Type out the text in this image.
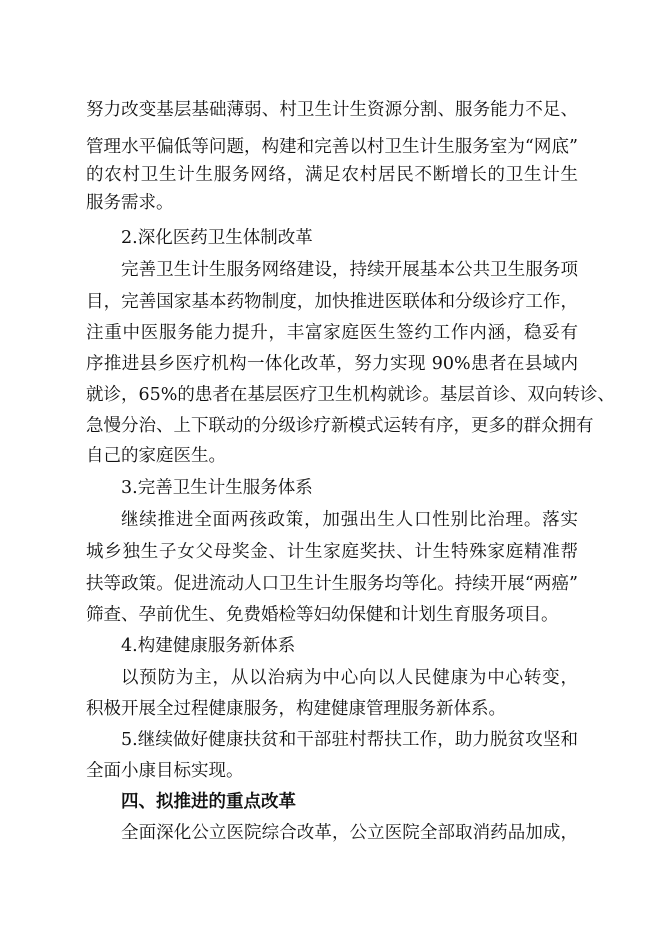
努力改变基层基础薄弱、村卫生计生资源分割、服务能力不足、
管理水平偏低等问题，构建和完善以村卫生计生服务室为“网底”
的农村卫生计生服务网络，满足农村居民不断增长的卫生计生
服务需求。
2.深化医药卫生体制改革
完善卫生计生服务网络建设，持续开展基本公共卫生服务项
目，完善国家基本药物制度，加快推进医联体和分级诊疗工作，
注重中医服务能力提升，丰富家庭医生签约工作内涵，稳妥有
序推进县乡医疗机构一体化改革，努力实现 90%患者在县域内
就诊，65%的患者在基层医疗卫生机构就诊。基层首诊、双向转诊、
急慢分治、上下联动的分级诊疗新模式运转有序，更多的群众拥有
自己的家庭医生。
3.完善卫生计生服务体系
继续推进全面两孩政策，加强出生人口性别比治理。落实
城乡独生子女父母奖金、计生家庭奖扶、计生特殊家庭精准帮
扶等政策。促进流动人口卫生计生服务均等化。持续开展“两癌”
筛查、孕前优生、免费婚检等妇幼保健和计划生育服务项目。
4.构建健康服务新体系
以预防为主，从以治病为中心向以人民健康为中心转变，
积极开展全过程健康服务，构建健康管理服务新体系。
5.继续做好健康扶贫和干部驻村帮扶工作，助力脱贫攻坚和
全面小康目标实现。
四、拟推进的重点改革
全面深化公立医院综合改革，公立医院全部取消药品加成，
